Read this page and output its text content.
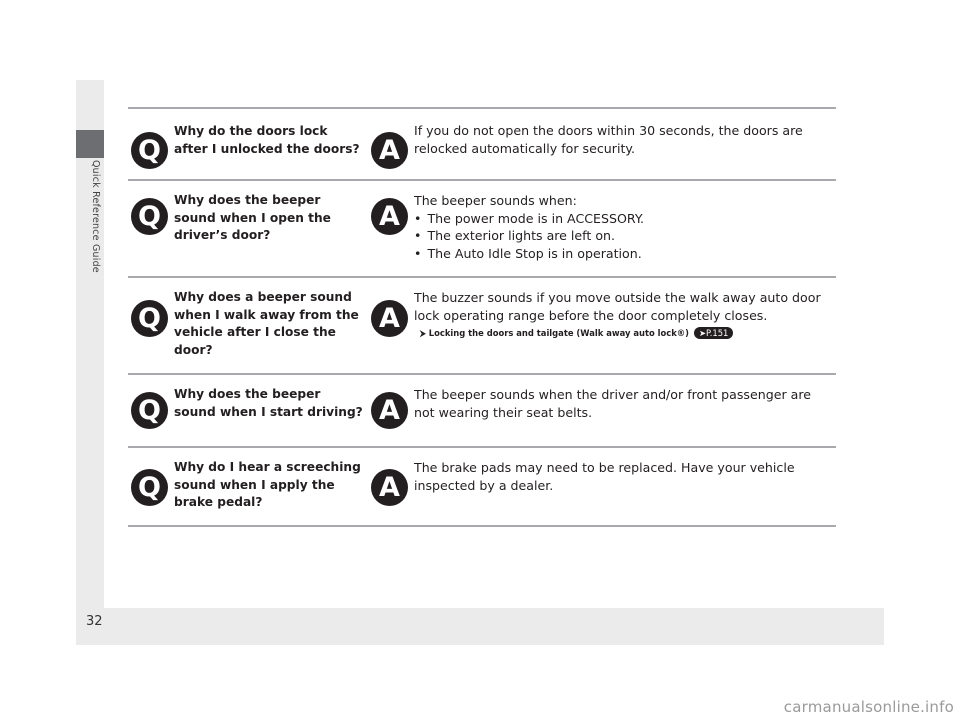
Quick Reference Guide
Q
Why do the doors lock after I unlocked the doors? A
If you do not open the doors within 30 seconds, the doors are relocked automatically for security.
Q
Why does the beeper sound when I open the driver’s door?
A
The beeper sounds when:
• The power mode is in ACCESSORY.
• The exterior lights are left on.
• The Auto Idle Stop is in operation.
Q
Why does a beeper sound when I walk away from the vehicle after I close the door?
A
The buzzer sounds if you move outside the walk away auto door lock operating range before the door completely closes.
⮞ Locking the doors and tailgate (Walk away auto lock®) ➤P.151
Q
Why does the beeper sound when I start driving? A
The beeper sounds when the driver and/or front passenger are not wearing their seat belts.
Q
Why do I hear a screeching sound when I apply the brake pedal?	A
The brake pads may need to be replaced. Have your vehicle inspected by a dealer.
32
carmanualsonline.info
